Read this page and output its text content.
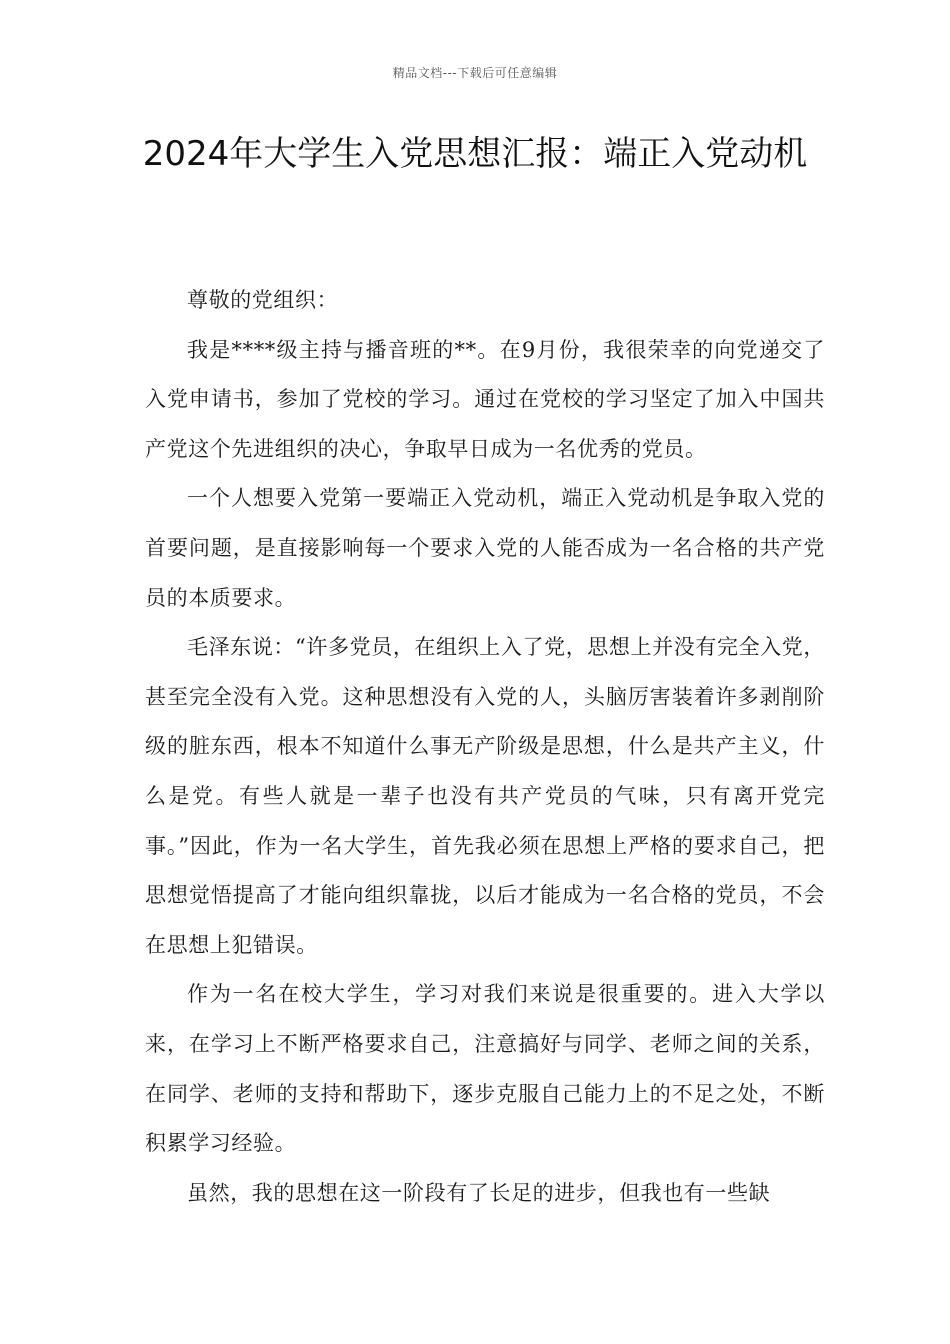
精品文档---下载后可任意编辑
2024年大学生入党思想汇报：端正入党动机

尊敬的党组织：

我是****级主持与播音班的**。在9月份，我很荣幸的向党递交了入党申请书，参加了党校的学习。通过在党校的学习坚定了加入中国共产党这个先进组织的决心，争取早日成为一名优秀的党员。

一个人想要入党第一要端正入党动机，端正入党动机是争取入党的首要问题，是直接影响每一个要求入党的人能否成为一名合格的共产党员的本质要求。

毛泽东说：“许多党员，在组织上入了党，思想上并没有完全入党，甚至完全没有入党。这种思想没有入党的人，头脑厉害装着许多剥削阶级的脏东西，根本不知道什么事无产阶级是思想，什么是共产主义，什么是党。有些人就是一辈子也没有共产党员的气味，只有离开党完事。”因此，作为一名大学生，首先我必须在思想上严格的要求自己，把思想觉悟提高了才能向组织靠拢，以后才能成为一名合格的党员，不会在思想上犯错误。

作为一名在校大学生，学习对我们来说是很重要的。进入大学以来，在学习上不断严格要求自己，注意搞好与同学、老师之间的关系，在同学、老师的支持和帮助下，逐步克服自己能力上的不足之处，不断积累学习经验。

虽然，我的思想在这一阶段有了长足的进步，但我也有一些缺
